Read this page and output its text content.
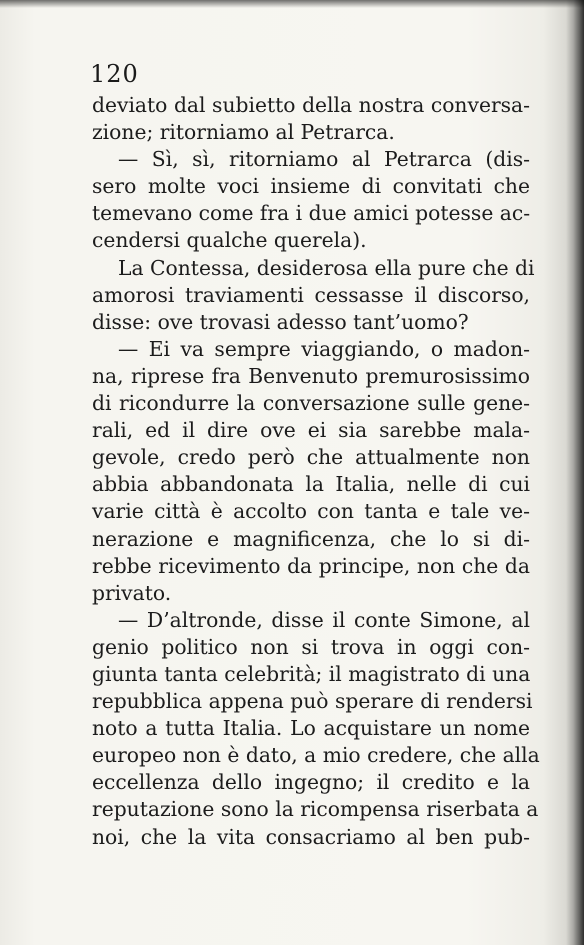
120
deviato dal subietto della nostra conversa-
zione; ritorniamo al Petrarca.
— Sì, sì, ritorniamo al Petrarca (dis-
sero molte voci insieme di convitati che
temevano come fra i due amici potesse ac-
cendersi qualche querela).
La Contessa, desiderosa ella pure che di
amorosi traviamenti cessasse il discorso,
disse: ove trovasi adesso tant’uomo?
— Ei va sempre viaggiando, o madon-
na, riprese fra Benvenuto premurosissimo
di ricondurre la conversazione sulle gene-
rali, ed il dire ove ei sia sarebbe mala-
gevole, credo però che attualmente non
abbia abbandonata la Italia, nelle di cui
varie città è accolto con tanta e tale ve-
nerazione e magnificenza, che lo si di-
rebbe ricevimento da principe, non che da
privato.
— D’altronde, disse il conte Simone, al
genio politico non si trova in oggi con-
giunta tanta celebrità; il magistrato di una
repubblica appena può sperare di rendersi
noto a tutta Italia. Lo acquistare un nome
europeo non è dato, a mio credere, che alla
eccellenza dello ingegno; il credito e la
reputazione sono la ricompensa riserbata a
noi, che la vita consacriamo al ben pub-
